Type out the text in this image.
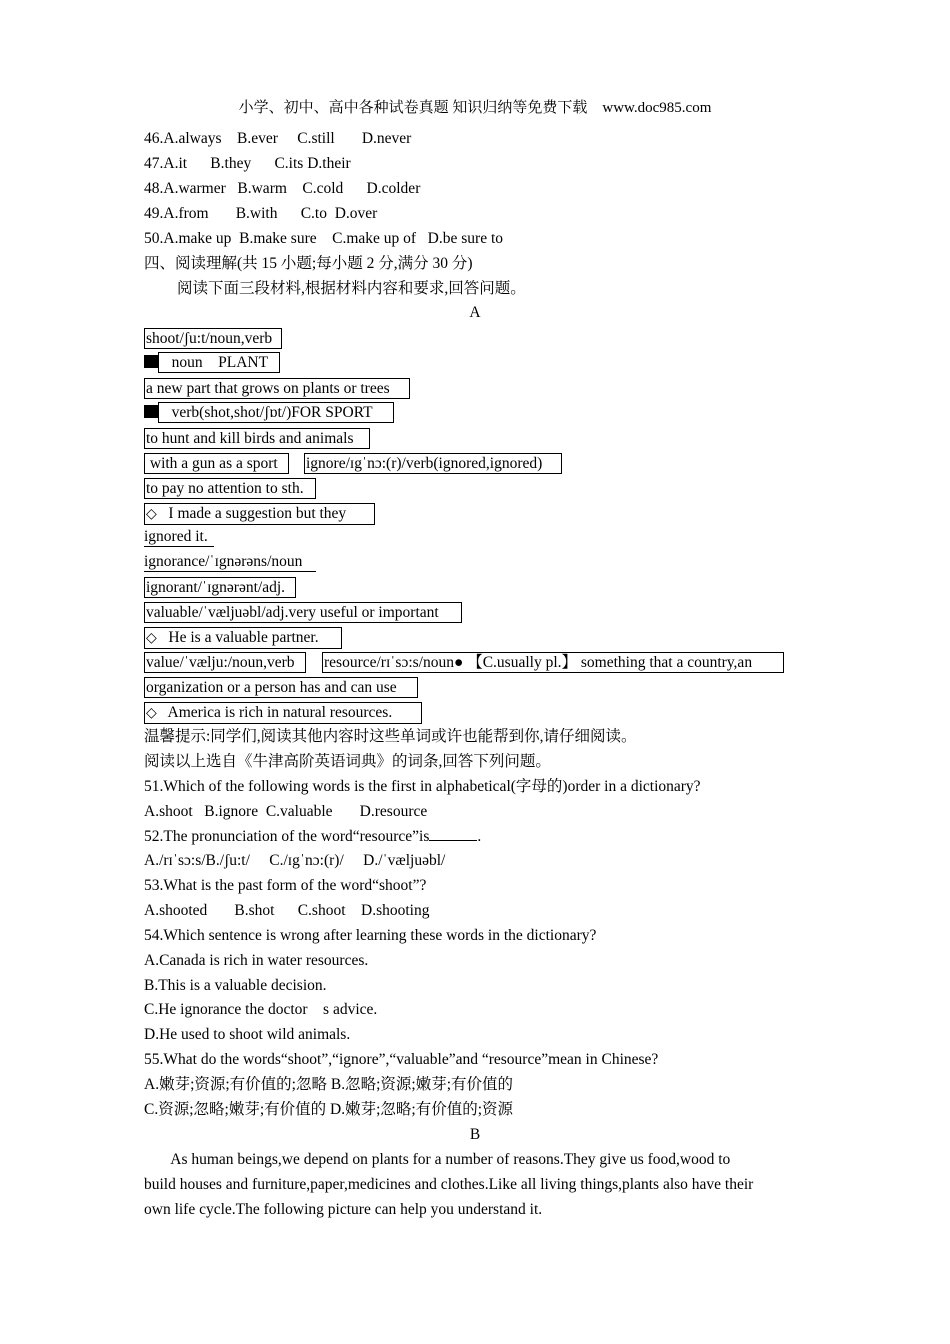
小学、初中、高中各种试卷真题 知识归纳等免费下载    www.doc985.com
46.A.always    B.ever     C.still       D.never
47.A.it      B.they      C.its D.their
48.A.warmer   B.warm    C.cold      D.colder
49.A.from       B.with      C.to  D.over
50.A.make up  B.make sure    C.make up of   D.be sure to
四、阅读理解(共 15 小题;每小题 2 分,满分 30 分)
阅读下面三段材料,根据材料内容和要求,回答问题。
A
shoot/ʃu:t/noun,verb
noun    PLANT
a new part that grows on plants or trees
verb(shot,shot/ʃɒt/)FOR SPORT
to hunt and kill birds and animals
with a gun as a sport	ignore/ɪgˈnɔ:(r)/verb(ignored,ignored)
to pay no attention to sth.
◇   I made a suggestion but they
ignored it.
ignorance/ˈɪgnərəns/noun
ignorant/ˈɪgnərənt/adj.
valuable/ˈvæljuəbl/adj.very useful or important
◇   He is a valuable partner.
value/ˈvælju:/noun,verb	resource/rɪˈsɔ:s/noun● 【C.usually pl.】 something that a country,an
organization or a person has and can use
◇   America is rich in natural resources.
温馨提示:同学们,阅读其他内容时这些单词或许也能帮到你,请仔细阅读。
阅读以上选自《牛津高阶英语词典》的词条,回答下列问题。
51.Which of the following words is the first in alphabetical(字母的)order in a dictionary?
A.shoot   B.ignore  C.valuable       D.resource
52.The pronunciation of the word“resource”is	.
A./rɪˈsɔ:s/B./ʃu:t/     C./ɪgˈnɔ:(r)/     D./ˈvæljuəbl/
53.What is the past form of the word“shoot”?
A.shooted       B.shot      C.shoot    D.shooting
54.Which sentence is wrong after learning these words in the dictionary?
A.Canada is rich in water resources.
B.This is a valuable decision.
C.He ignorance the doctor    s advice.
D.He used to shoot wild animals.
55.What do the words“shoot”,“ignore”,“valuable”and “resource”mean in Chinese?
A.嫩芽;资源;有价值的;忽略 B.忽略;资源;嫩芽;有价值的
C.资源;忽略;嫩芽;有价值的 D.嫩芽;忽略;有价值的;资源
B
As human beings,we depend on plants for a number of reasons.They give us food,wood to
build houses and furniture,paper,medicines and clothes.Like all living things,plants also have their
own life cycle.The following picture can help you understand it.
